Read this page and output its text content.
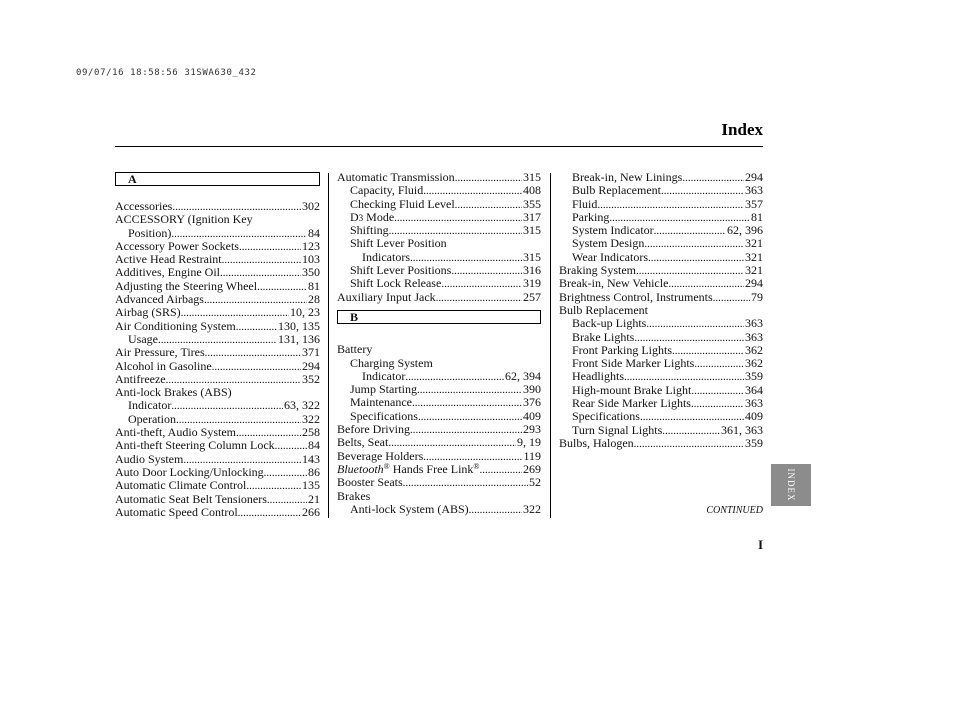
09/07/16 18:58:56 31SWA630_432
Index
A
Accessories .....	302
ACCESSORY (Ignition Key
Position) .....	84
Accessory Power Sockets .....	123
Active Head Restraint .....	103
Additives, Engine Oil .....	350
Adjusting the Steering Wheel .....	81
Advanced Airbags .....	28
Airbag (SRS) .....	10, 23
Air Conditioning System .....	130, 135
Usage .....	131, 136
Air Pressure, Tires .....	371
Alcohol in Gasoline .....	294
Antifreeze .....	352
Anti-lock Brakes (ABS)
Indicator .....	63, 322
Operation .....	322
Anti-theft, Audio System .....	258
Anti-theft Steering Column Lock .....	84
Audio System .....	143
Auto Door Locking/Unlocking .....	86
Automatic Climate Control .....	135
Automatic Seat Belt Tensioners .....	21
Automatic Speed Control .....	266
Automatic Transmission .....	315
Capacity, Fluid .....	408
Checking Fluid Level .....	355
D3 Mode .....	317
Shifting .....	315
Shift Lever Position
Indicators .....	315
Shift Lever Positions .....	316
Shift Lock Release .....	319
Auxiliary Input Jack .....	257
B
Battery
Charging System
Indicator .....	62, 394
Jump Starting .....	390
Maintenance .....	376
Specifications .....	409
Before Driving .....	293
Belts, Seat .....	9, 19
Beverage Holders .....	119
Bluetooth® Hands Free Link® .....	269
Booster Seats .....	52
Brakes
Anti-lock System (ABS) .....	322
Break-in, New Linings .....	294
Bulb Replacement .....	363
Fluid .....	357
Parking .....	81
System Indicator .....	62, 396
System Design .....	321
Wear Indicators .....	321
Braking System .....	321
Break-in, New Vehicle .....	294
Brightness Control, Instruments .....	79
Bulb Replacement
Back-up Lights .....	363
Brake Lights .....	363
Front Parking Lights .....	362
Front Side Marker Lights .....	362
Headlights .....	359
High-mount Brake Light .....	364
Rear Side Marker Lights .....	363
Specifications .....	409
Turn Signal Lights .....	361, 363
Bulbs, Halogen .....	359
INDEX
CONTINUED
I
